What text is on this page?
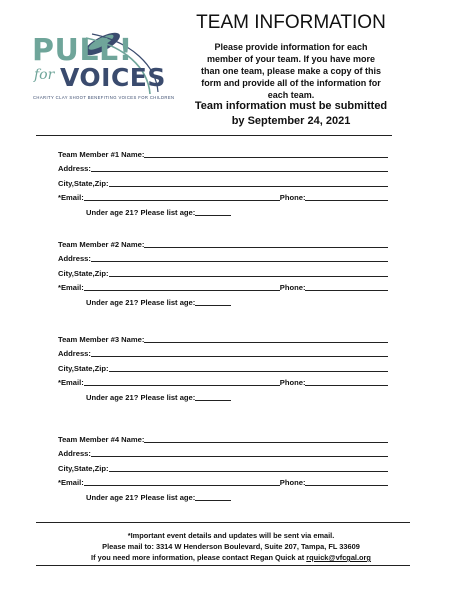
PULL!
for VOICES
CHARITY CLAY SHOOT BENEFITING VOICES FOR CHILDREN
TEAM INFORMATION
Please provide information for each
member of your team. If you have more
than one team, please make a copy of this
form and provide all of the information for
each team.
Team information must be submitted
by September 24, 2021
Team Member #1 Name:
Address:
City,State,Zip:
*Email:	Phone:
Under age 21? Please list age:
Team Member #2 Name:
Address:
City,State,Zip:
*Email:	Phone:
Under age 21? Please list age:
Team Member #3 Name:
Address:
City,State,Zip:
*Email:	Phone:
Under age 21? Please list age:
Team Member #4 Name:
Address:
City,State,Zip:
*Email:	Phone:
Under age 21? Please list age:
*Important event details and updates will be sent via email.
Please mail to: 3314 W Henderson Boulevard, Suite 207, Tampa, FL 33609
If you need more information, please contact Regan Quick at rquick@vfcgal.org
